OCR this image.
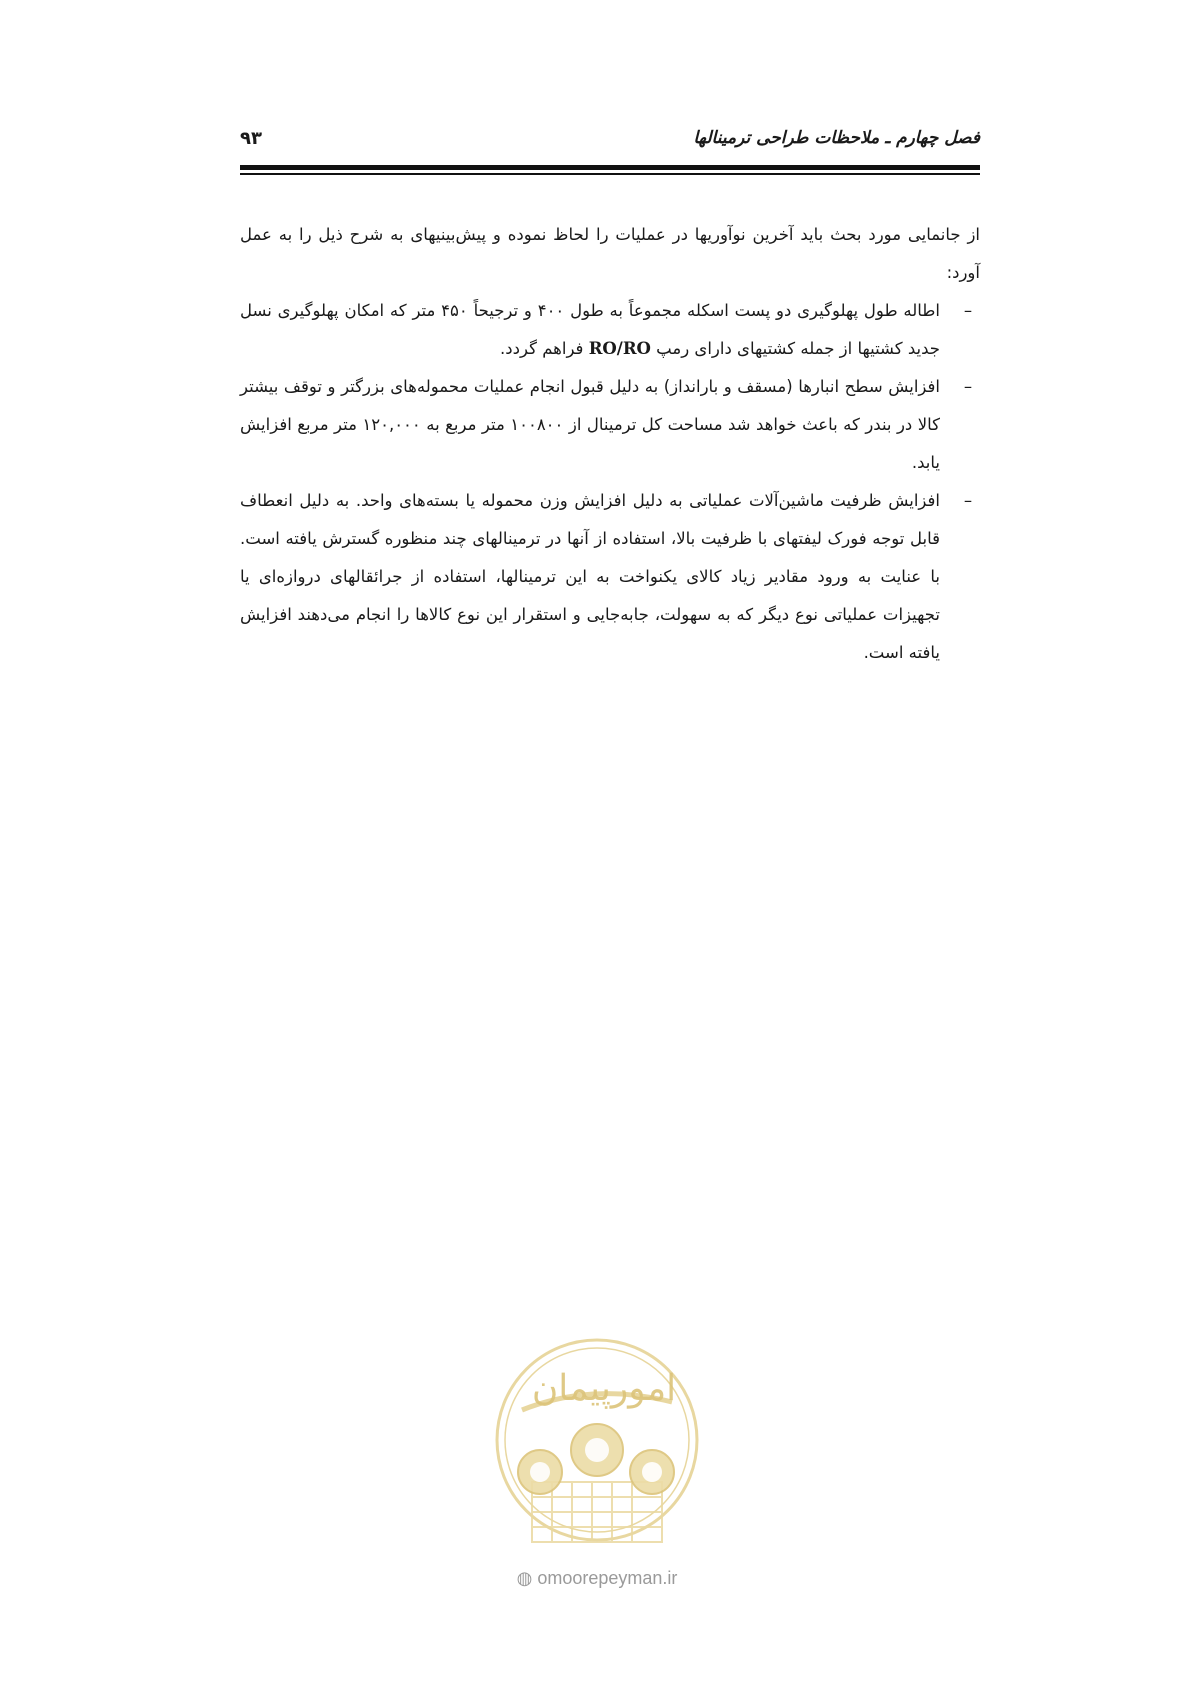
فصل چهارم ـ ملاحظات طراحی ترمینالها
۹۳

از جانمایی مورد بحث باید آخرین نوآوریها در عملیات را لحاظ نموده و پیش‌بینیهای به شرح ذیل را به عمل آورد:

–
اطاله طول پهلوگیری دو پست اسکله مجموعاً به طول ۴۰۰ و ترجیحاً ۴۵۰ متر که امکان پهلوگیری نسل جدید کشتیها از جمله کشتیهای دارای رمپ RO/RO فراهم گردد.
–
افزایش سطح انبارها (مسقف و بارانداز) به دلیل قبول انجام عملیات محموله‌های بزرگتر و توقف بیشتر کالا در بندر که باعث خواهد شد مساحت کل ترمینال از ۱۰۰۸۰۰ متر مربع به ۱۲۰,۰۰۰ متر مربع افزایش یابد.
–
افزایش ظرفیت ماشین‌آلات عملیاتی به دلیل افزایش وزن محموله یا بسته‌های واحد. به دلیل انعطاف قابل توجه فورک لیفتهای با ظرفیت بالا، استفاده از آنها در ترمینالهای چند منظوره گسترش یافته است. با عنایت به ورود مقادیر زیاد کالای یکنواخت به این ترمینالها، استفاده از جرائقالهای دروازه‌ای یا تجهیزات عملیاتی نوع دیگر که به سهولت، جابه‌جایی و استقرار این نوع کالاها را انجام می‌دهند افزایش یافته است.
امورپیمان
◍ omoorepeyman.ir
